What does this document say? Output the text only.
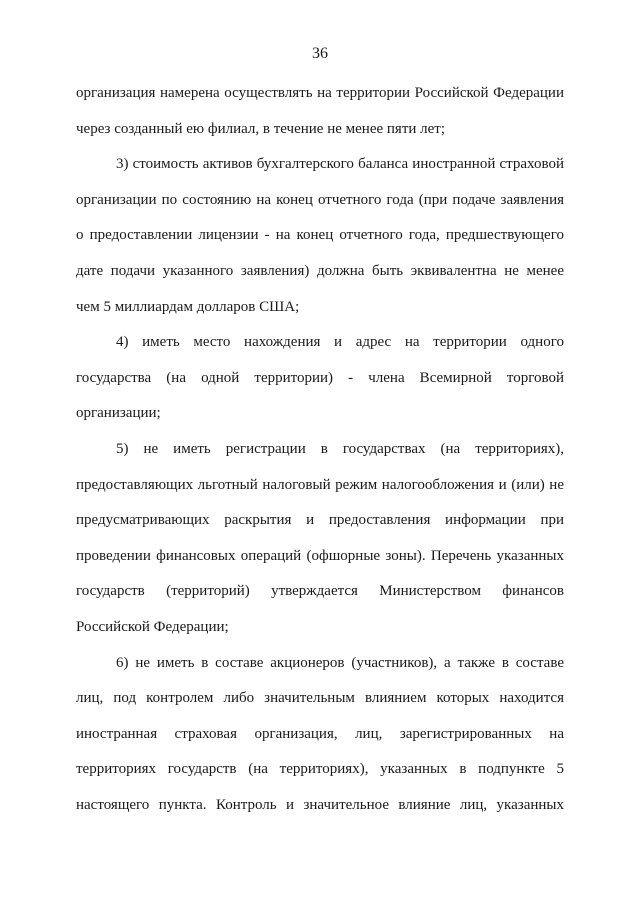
36
организация намерена осуществлять на территории Российской Федерации
через созданный ею филиал, в течение не менее пяти лет;
3) стоимость активов бухгалтерского баланса иностранной страховой
организации по состоянию на конец отчетного года (при подаче заявления
о предоставлении лицензии - на конец отчетного года, предшествующего
дате подачи указанного заявления) должна быть эквивалентна не менее
чем 5 миллиардам долларов США;
4) иметь место нахождения и адрес на территории одного
государства (на одной территории) - члена Всемирной торговой
организации;
5) не иметь регистрации в государствах (на территориях),
предоставляющих льготный налоговый режим налогообложения и (или) не
предусматривающих раскрытия и предоставления информации при
проведении финансовых операций (офшорные зоны). Перечень указанных
государств (территорий) утверждается Министерством финансов
Российской Федерации;
6) не иметь в составе акционеров (участников), а также в составе
лиц, под контролем либо значительным влиянием которых находится
иностранная страховая организация, лиц, зарегистрированных на
территориях государств (на территориях), указанных в подпункте 5
настоящего пункта. Контроль и значительное влияние лиц, указанных
